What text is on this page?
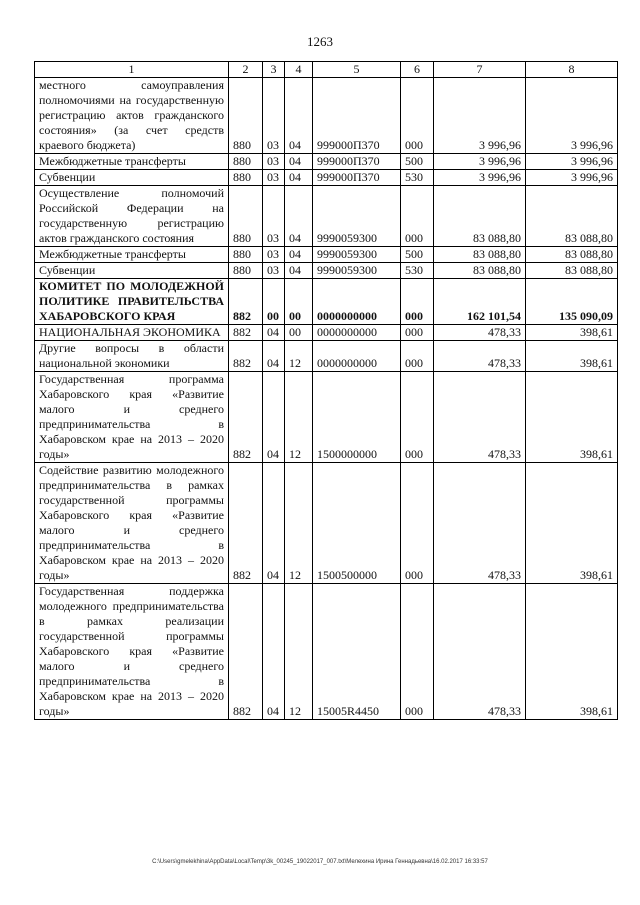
1263
1	2	3	4	5	6	7	8
местного самоуправления полномочиями на государственную регистрацию актов гражданского состояния» (за счет средств краевого бюджета)	880	03	04	999000П370	000	3 996,96	3 996,96
Межбюджетные трансферты	880	03	04	999000П370	500	3 996,96	3 996,96
Субвенции	880	03	04	999000П370	530	3 996,96	3 996,96
Осуществление полномочий Российской Федерации на государственную регистрацию актов гражданского состояния	880	03	04	9990059300	000	83 088,80	83 088,80
Межбюджетные трансферты	880	03	04	9990059300	500	83 088,80	83 088,80
Субвенции	880	03	04	9990059300	530	83 088,80	83 088,80
КОМИТЕТ ПО МОЛОДЕЖНОЙ ПОЛИТИКЕ ПРАВИТЕЛЬСТВА ХАБАРОВСКОГО КРАЯ	882	00	00	0000000000	000	162 101,54	135 090,09
НАЦИОНАЛЬНАЯ ЭКОНОМИКА	882	04	00	0000000000	000	478,33	398,61
Другие вопросы в области национальной экономики	882	04	12	0000000000	000	478,33	398,61
Государственная программа Хабаровского края «Развитие малого и среднего предпринимательства в Хабаровском крае на 2013 – 2020 годы»	882	04	12	1500000000	000	478,33	398,61
Содействие развитию молодежного предпринимательства в рамках государственной программы Хабаровского края «Развитие малого и среднего предпринимательства в Хабаровском крае на 2013 – 2020 годы»	882	04	12	1500500000	000	478,33	398,61
Государственная поддержка молодежного предпринимательства в рамках реализации государственной программы Хабаровского края «Развитие малого и среднего предпринимательства в Хабаровском крае на 2013 – 2020 годы»	882	04	12	15005R4450	000	478,33	398,61
C:\Users\gmelekhina\AppData\Local\Temp\3k_00245_19022017_007.txt\Мелехина Ирина Геннадьевна\16.02.2017 16:33:57
